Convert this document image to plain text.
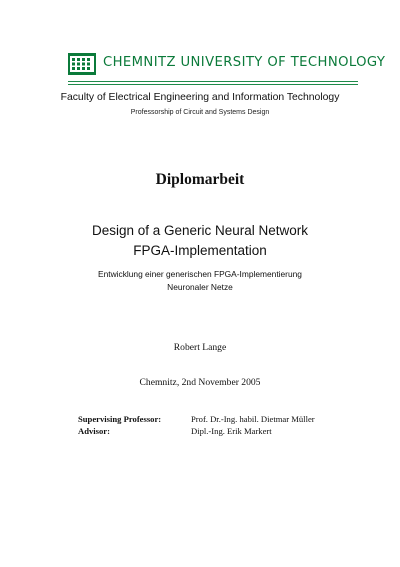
CHEMNITZ UNIVERSITY OF TECHNOLOGY
Faculty of Electrical Engineering and Information Technology
Professorship of Circuit and Systems Design
Diplomarbeit
Design of a Generic Neural Network
FPGA-Implementation
Entwicklung einer generischen FPGA-Implementierung
Neuronaler Netze
Robert Lange
Chemnitz, 2nd November 2005
Supervising Professor:	Prof. Dr.-Ing. habil. Dietmar Müller
Advisor:	Dipl.-Ing. Erik Markert
